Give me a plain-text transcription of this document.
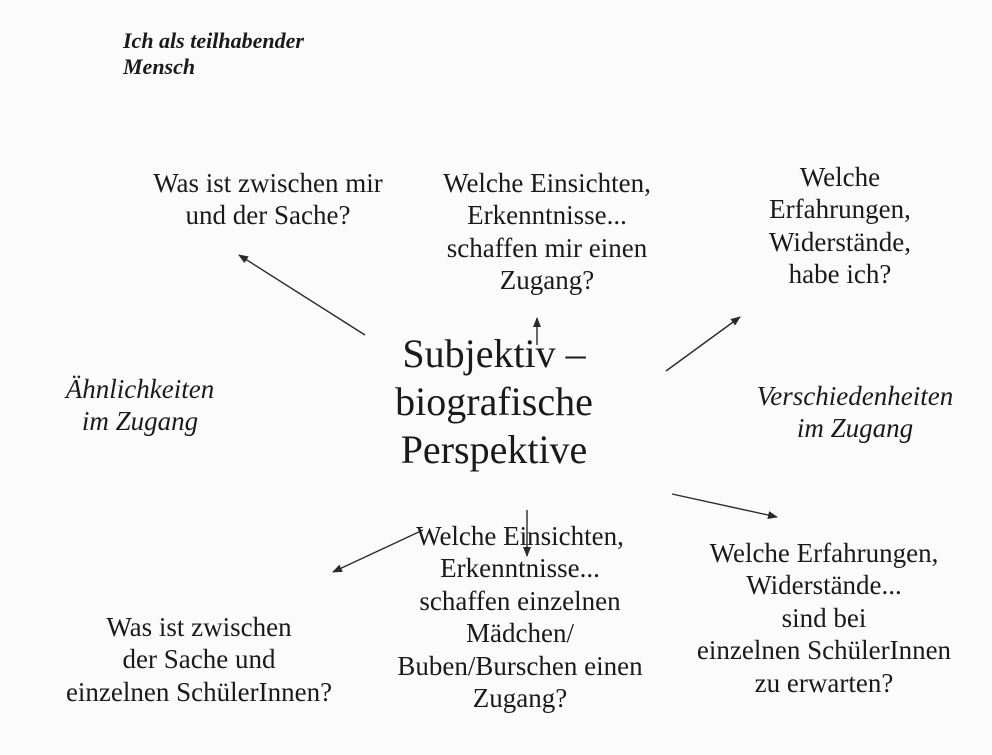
Ich als teilhabender
Mensch
Subjektiv –
biografische
Perspektive
Ähnlichkeiten
im Zugang
Verschiedenheiten
im Zugang
Was ist zwischen mir
und der Sache?
Welche Einsichten,
Erkenntnisse...
schaffen mir einen
Zugang?
Welche
Erfahrungen,
Widerstände,
habe ich?
Was ist zwischen
der Sache und
einzelnen SchülerInnen?
Welche Einsichten,
Erkenntnisse...
schaffen einzelnen
Mädchen/
Buben/Burschen einen
Zugang?
Welche Erfahrungen,
Widerstände...
sind bei
einzelnen SchülerInnen
zu erwarten?
